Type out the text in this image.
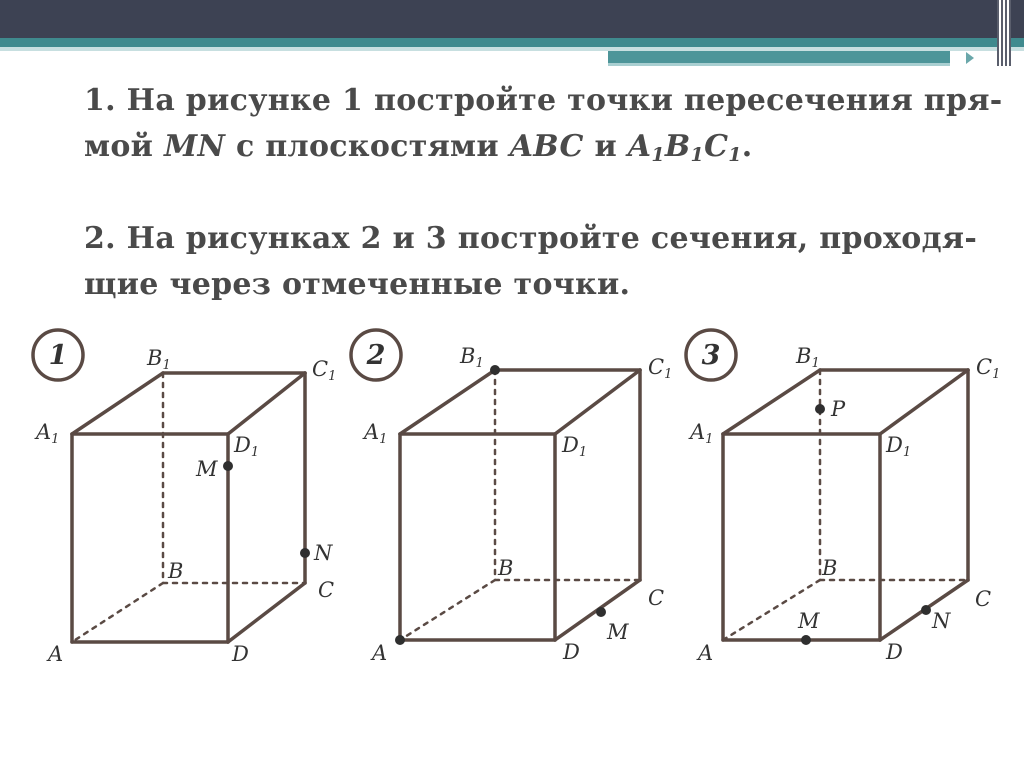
1. На рисунке 1 постройте точки пересечения пря-
мой MN с плоскостями ABC и $A_1B_1C_1$.

2. На рисунках 2 и 3 постройте сечения, проходя-
щие через отмеченные точки.

1	2	3
B1	C1
A1	D1
M
N
B
C
A	D
B1	C1
A1	D1
B
C
M
A	D
B1	C1
A1	D1
P
B
C
M	N
A	D
